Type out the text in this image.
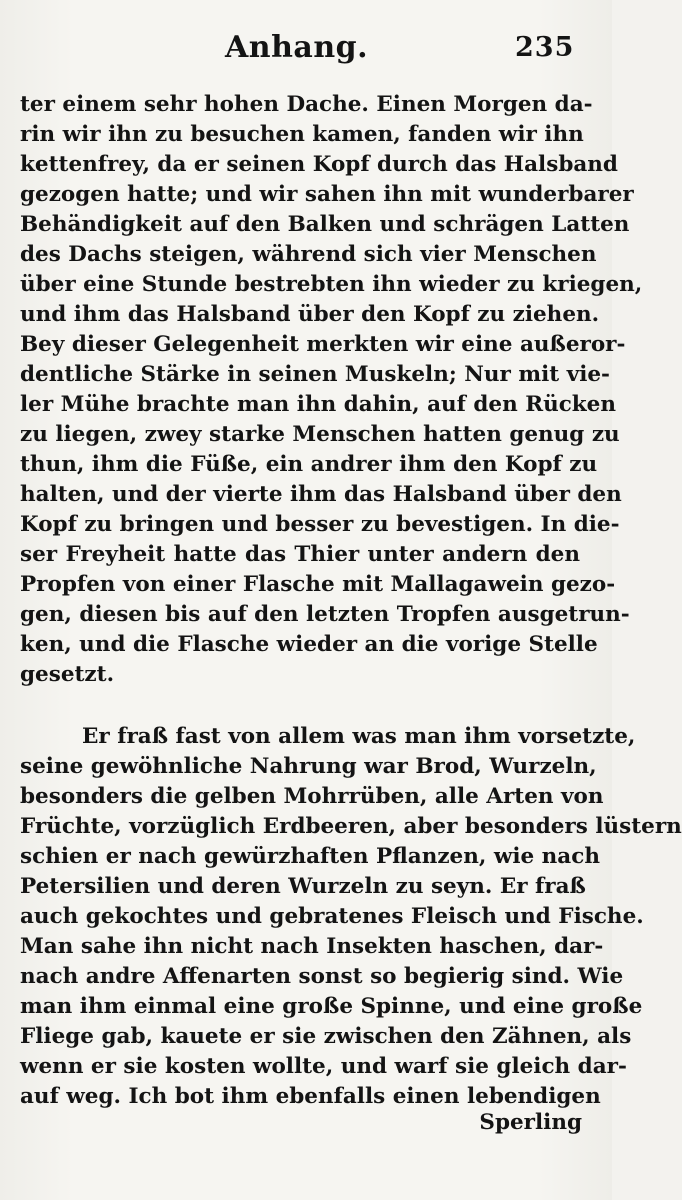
Anhang.	235
ter einem sehr hohen Dache. Einen Morgen da-
rin wir ihn zu besuchen kamen, fanden wir ihn
kettenfrey, da er seinen Kopf durch das Halsband
gezogen hatte; und wir sahen ihn mit wunderbarer
Behändigkeit auf den Balken und schrägen Latten
des Dachs steigen, während sich vier Menschen
über eine Stunde bestrebten ihn wieder zu kriegen,
und ihm das Halsband über den Kopf zu ziehen.
Bey dieser Gelegenheit merkten wir eine außeror-
dentliche Stärke in seinen Muskeln; Nur mit vie-
ler Mühe brachte man ihn dahin, auf den Rücken
zu liegen, zwey starke Menschen hatten genug zu
thun, ihm die Füße, ein andrer ihm den Kopf zu
halten, und der vierte ihm das Halsband über den
Kopf zu bringen und besser zu bevestigen. In die-
ser Freyheit hatte das Thier unter andern den
Propfen von einer Flasche mit Mallagawein gezo-
gen, diesen bis auf den letzten Tropfen ausgetrun-
ken, und die Flasche wieder an die vorige Stelle
gesetzt.
Er fraß fast von allem was man ihm vorsetzte,
seine gewöhnliche Nahrung war Brod, Wurzeln,
besonders die gelben Mohrrüben, alle Arten von
Früchte, vorzüglich Erdbeeren, aber besonders lüstern
schien er nach gewürzhaften Pflanzen, wie nach
Petersilien und deren Wurzeln zu seyn. Er fraß
auch gekochtes und gebratenes Fleisch und Fische.
Man sahe ihn nicht nach Insekten haschen, dar-
nach andre Affenarten sonst so begierig sind. Wie
man ihm einmal eine große Spinne, und eine große
Fliege gab, kauete er sie zwischen den Zähnen, als
wenn er sie kosten wollte, und warf sie gleich dar-
auf weg. Ich bot ihm ebenfalls einen lebendigen
Sperling
